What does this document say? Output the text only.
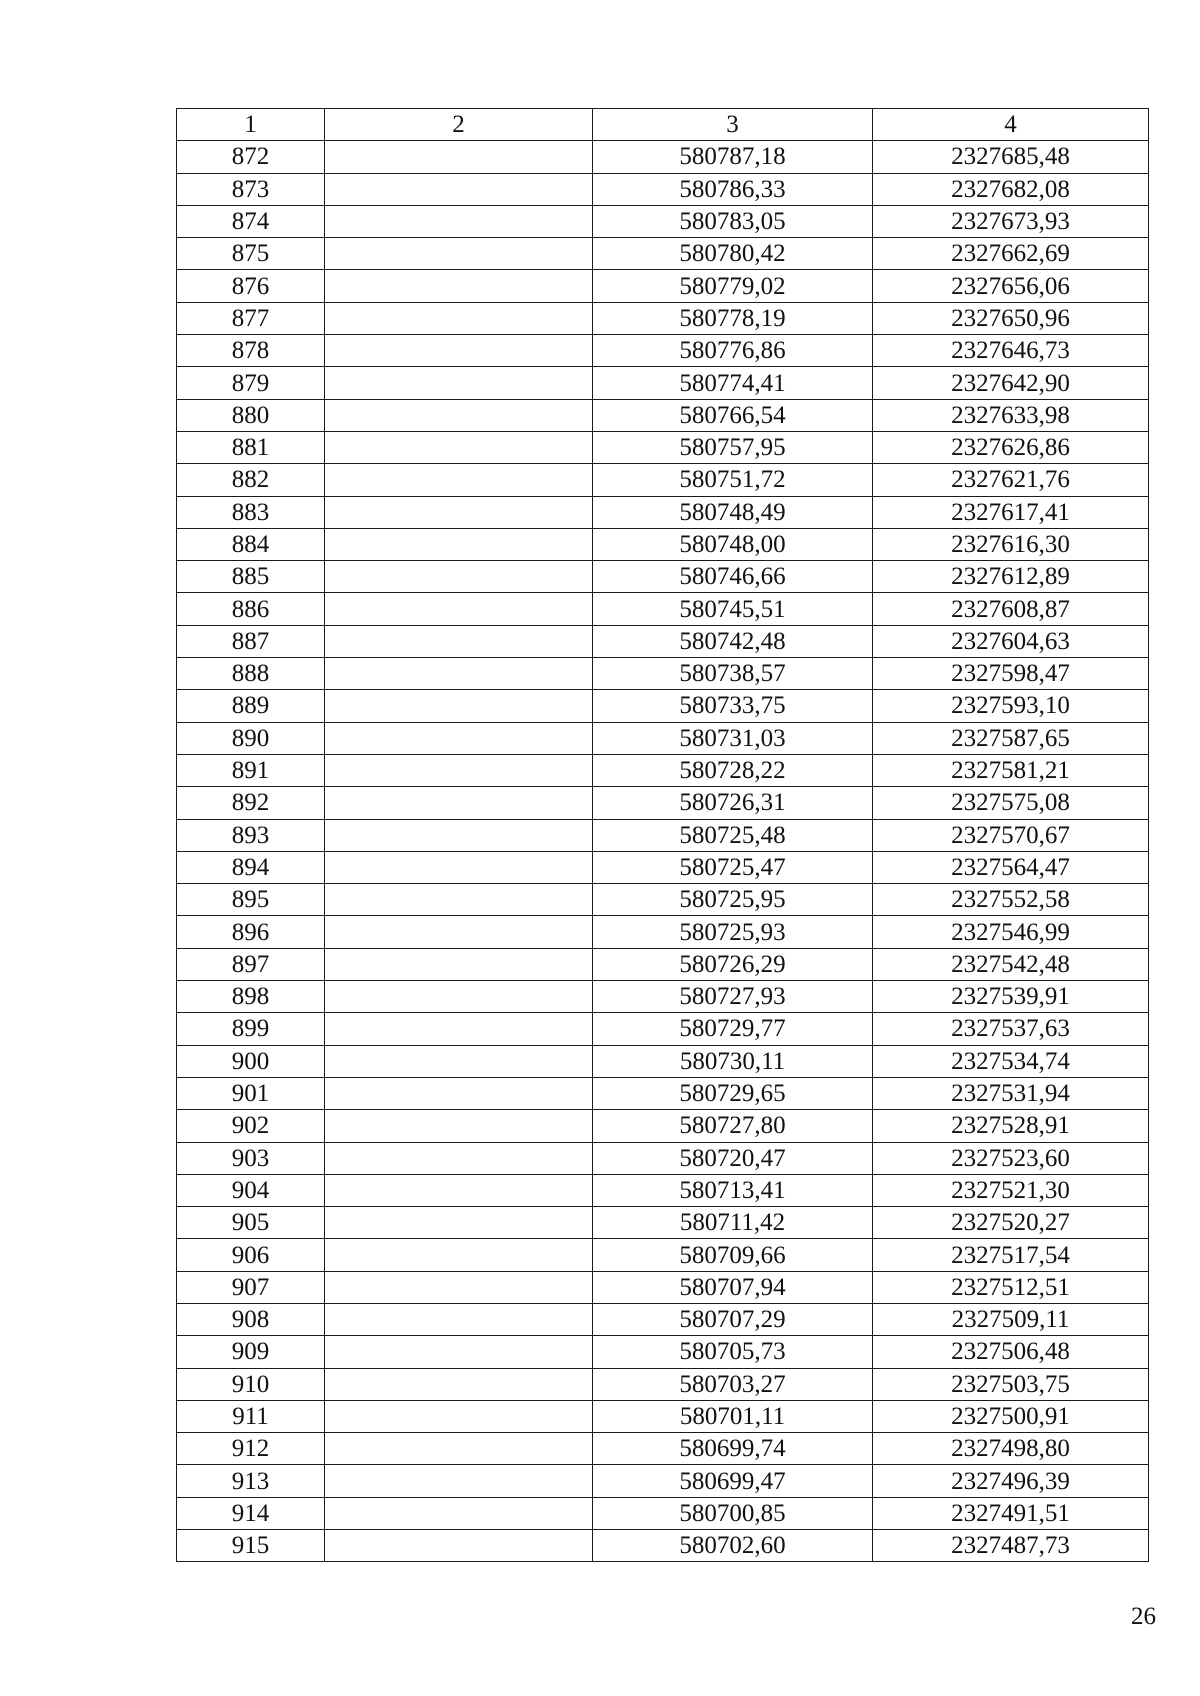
1	2	3	4
872		580787,18	2327685,48
873		580786,33	2327682,08
874		580783,05	2327673,93
875		580780,42	2327662,69
876		580779,02	2327656,06
877		580778,19	2327650,96
878		580776,86	2327646,73
879		580774,41	2327642,90
880		580766,54	2327633,98
881		580757,95	2327626,86
882		580751,72	2327621,76
883		580748,49	2327617,41
884		580748,00	2327616,30
885		580746,66	2327612,89
886		580745,51	2327608,87
887		580742,48	2327604,63
888		580738,57	2327598,47
889		580733,75	2327593,10
890		580731,03	2327587,65
891		580728,22	2327581,21
892		580726,31	2327575,08
893		580725,48	2327570,67
894		580725,47	2327564,47
895		580725,95	2327552,58
896		580725,93	2327546,99
897		580726,29	2327542,48
898		580727,93	2327539,91
899		580729,77	2327537,63
900		580730,11	2327534,74
901		580729,65	2327531,94
902		580727,80	2327528,91
903		580720,47	2327523,60
904		580713,41	2327521,30
905		580711,42	2327520,27
906		580709,66	2327517,54
907		580707,94	2327512,51
908		580707,29	2327509,11
909		580705,73	2327506,48
910		580703,27	2327503,75
911		580701,11	2327500,91
912		580699,74	2327498,80
913		580699,47	2327496,39
914		580700,85	2327491,51
915		580702,60	2327487,73
26
